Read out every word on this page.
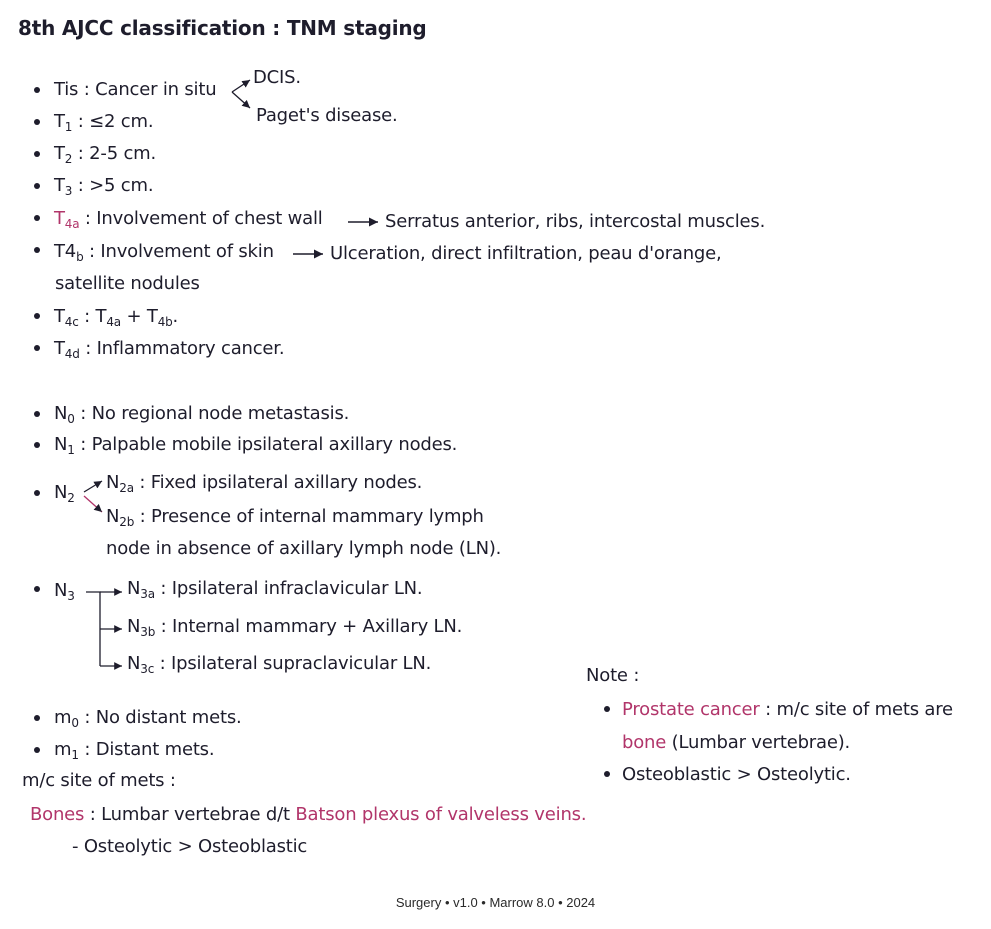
8th AJCC classification : TNM staging
Tis : Cancer in situ
DCIS.
Paget's disease.
$T_1$ : ≤2 cm.
$T_2$ : 2-5 cm.
$T_3$ : >5 cm.
$T_{4a}$ : Involvement of chest wall	Serratus anterior, ribs, intercostal muscles.
$T4_b$ : Involvement of skin	Ulceration, direct infiltration, peau d'orange,
satellite nodules
$T_{4c}$ : $T_{4a} + T_{4b}$.
$T_{4d}$ : Inflammatory cancer.
$N_0$ : No regional node metastasis.
$N_1$ : Palpable mobile ipsilateral axillary nodes.
$N_2$
$N_{2a}$ : Fixed ipsilateral axillary nodes.
$N_{2b}$ : Presence of internal mammary lymph
node in absence of axillary lymph node (LN).
$N_3$	$N_{3a}$ : Ipsilateral infraclavicular LN.
$N_{3b}$ : Internal mammary + Axillary LN.
$N_{3c}$ : Ipsilateral supraclavicular LN.
$m_0$ : No distant mets.
$m_1$ : Distant mets.
m/c site of mets :
Bones : Lumbar vertebrae d/t Batson plexus of valveless veins.
- Osteolytic > Osteoblastic
Note :
Prostate cancer : m/c site of mets are
bone (Lumbar vertebrae).
Osteoblastic > Osteolytic.
Surgery • v1.0 • Marrow 8.0 • 2024
